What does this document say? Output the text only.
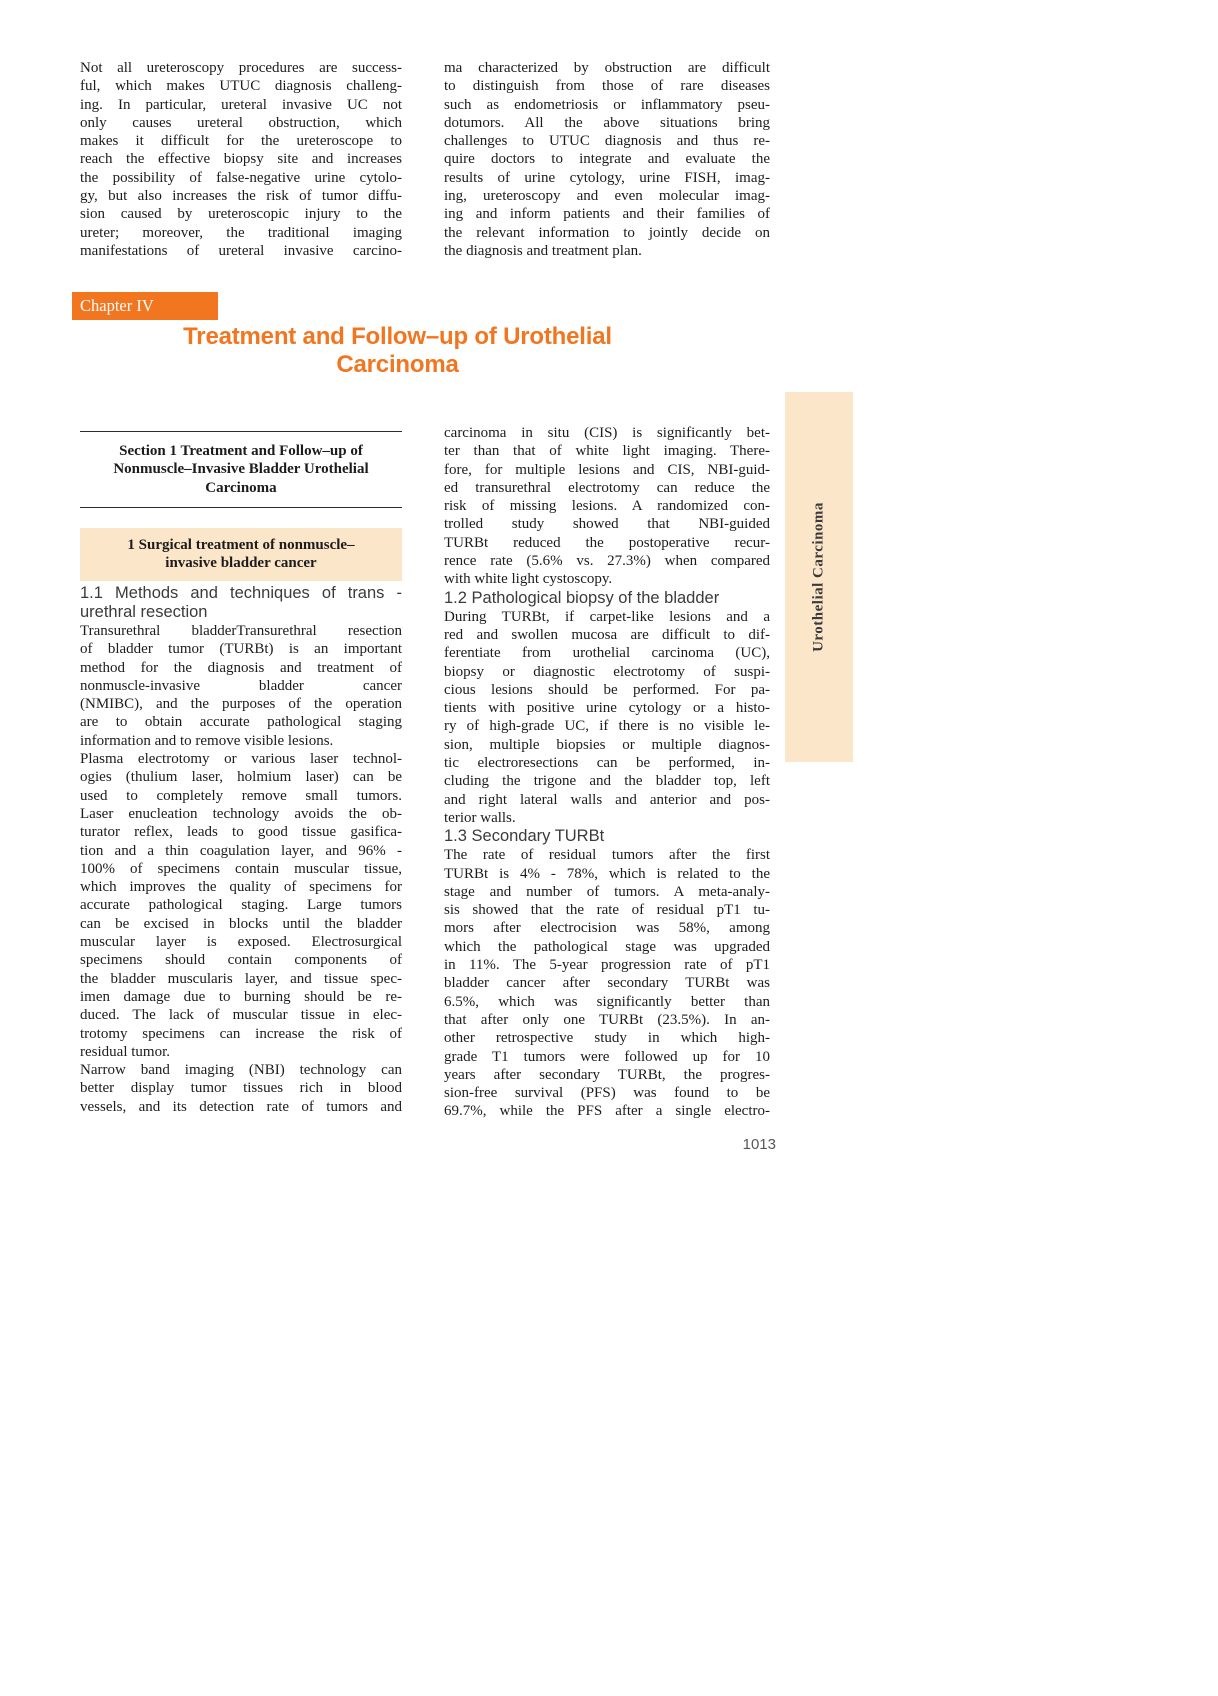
Not all ureteroscopy procedures are success-
ful, which makes UTUC diagnosis challeng-
ing. In particular, ureteral invasive UC not
only causes ureteral obstruction, which
makes it difficult for the ureteroscope to
reach the effective biopsy site and increases
the possibility of false-negative urine cytolo-
gy, but also increases the risk of tumor diffu-
sion caused by ureteroscopic injury to the
ureter; moreover, the traditional imaging
manifestations of ureteral invasive carcino-
ma characterized by obstruction are difficult
to distinguish from those of rare diseases
such as endometriosis or inflammatory pseu-
dotumors. All the above situations bring
challenges to UTUC diagnosis and thus re-
quire doctors to integrate and evaluate the
results of urine cytology, urine FISH, imag-
ing, ureteroscopy and even molecular imag-
ing and inform patients and their families of
the relevant information to jointly decide on
the diagnosis and treatment plan.
Chapter IV
Treatment and Follow–up of Urothelial
Carcinoma
Section 1 Treatment and Follow–up of
Nonmuscle–Invasive Bladder Urothelial
Carcinoma
1 Surgical treatment of nonmuscle–
invasive bladder cancer
1.1 Methods and techniques of trans -
urethral resection
Transurethral bladderTransurethral resection
of bladder tumor (TURBt) is an important
method for the diagnosis and treatment of
nonmuscle-invasive bladder cancer
(NMIBC), and the purposes of the operation
are to obtain accurate pathological staging
information and to remove visible lesions.
Plasma electrotomy or various laser technol-
ogies (thulium laser, holmium laser) can be
used to completely remove small tumors.
Laser enucleation technology avoids the ob-
turator reflex, leads to good tissue gasifica-
tion and a thin coagulation layer, and 96% -
100% of specimens contain muscular tissue,
which improves the quality of specimens for
accurate pathological staging. Large tumors
can be excised in blocks until the bladder
muscular layer is exposed. Electrosurgical
specimens should contain components of
the bladder muscularis layer, and tissue spec-
imen damage due to burning should be re-
duced. The lack of muscular tissue in elec-
trotomy specimens can increase the risk of
residual tumor.
Narrow band imaging (NBI) technology can
better display tumor tissues rich in blood
vessels, and its detection rate of tumors and
carcinoma in situ (CIS) is significantly bet-
ter than that of white light imaging. There-
fore, for multiple lesions and CIS, NBI-guid-
ed transurethral electrotomy can reduce the
risk of missing lesions. A randomized con-
trolled study showed that NBI-guided
TURBt reduced the postoperative recur-
rence rate (5.6% vs. 27.3%) when compared
with white light cystoscopy.
1.2 Pathological biopsy of the bladder
During TURBt, if carpet-like lesions and a
red and swollen mucosa are difficult to dif-
ferentiate from urothelial carcinoma (UC),
biopsy or diagnostic electrotomy of suspi-
cious lesions should be performed. For pa-
tients with positive urine cytology or a histo-
ry of high-grade UC, if there is no visible le-
sion, multiple biopsies or multiple diagnos-
tic electroresections can be performed, in-
cluding the trigone and the bladder top, left
and right lateral walls and anterior and pos-
terior walls.
1.3 Secondary TURBt
The rate of residual tumors after the first
TURBt is 4% - 78%, which is related to the
stage and number of tumors. A meta-analy-
sis showed that the rate of residual pT1 tu-
mors after electrocision was 58%, among
which the pathological stage was upgraded
in 11%. The 5-year progression rate of pT1
bladder cancer after secondary TURBt was
6.5%, which was significantly better than
that after only one TURBt (23.5%). In an-
other retrospective study in which high-
grade T1 tumors were followed up for 10
years after secondary TURBt, the progres-
sion-free survival (PFS) was found to be
69.7%, while the PFS after a single electro-
Urothelial Carcinoma
1013
